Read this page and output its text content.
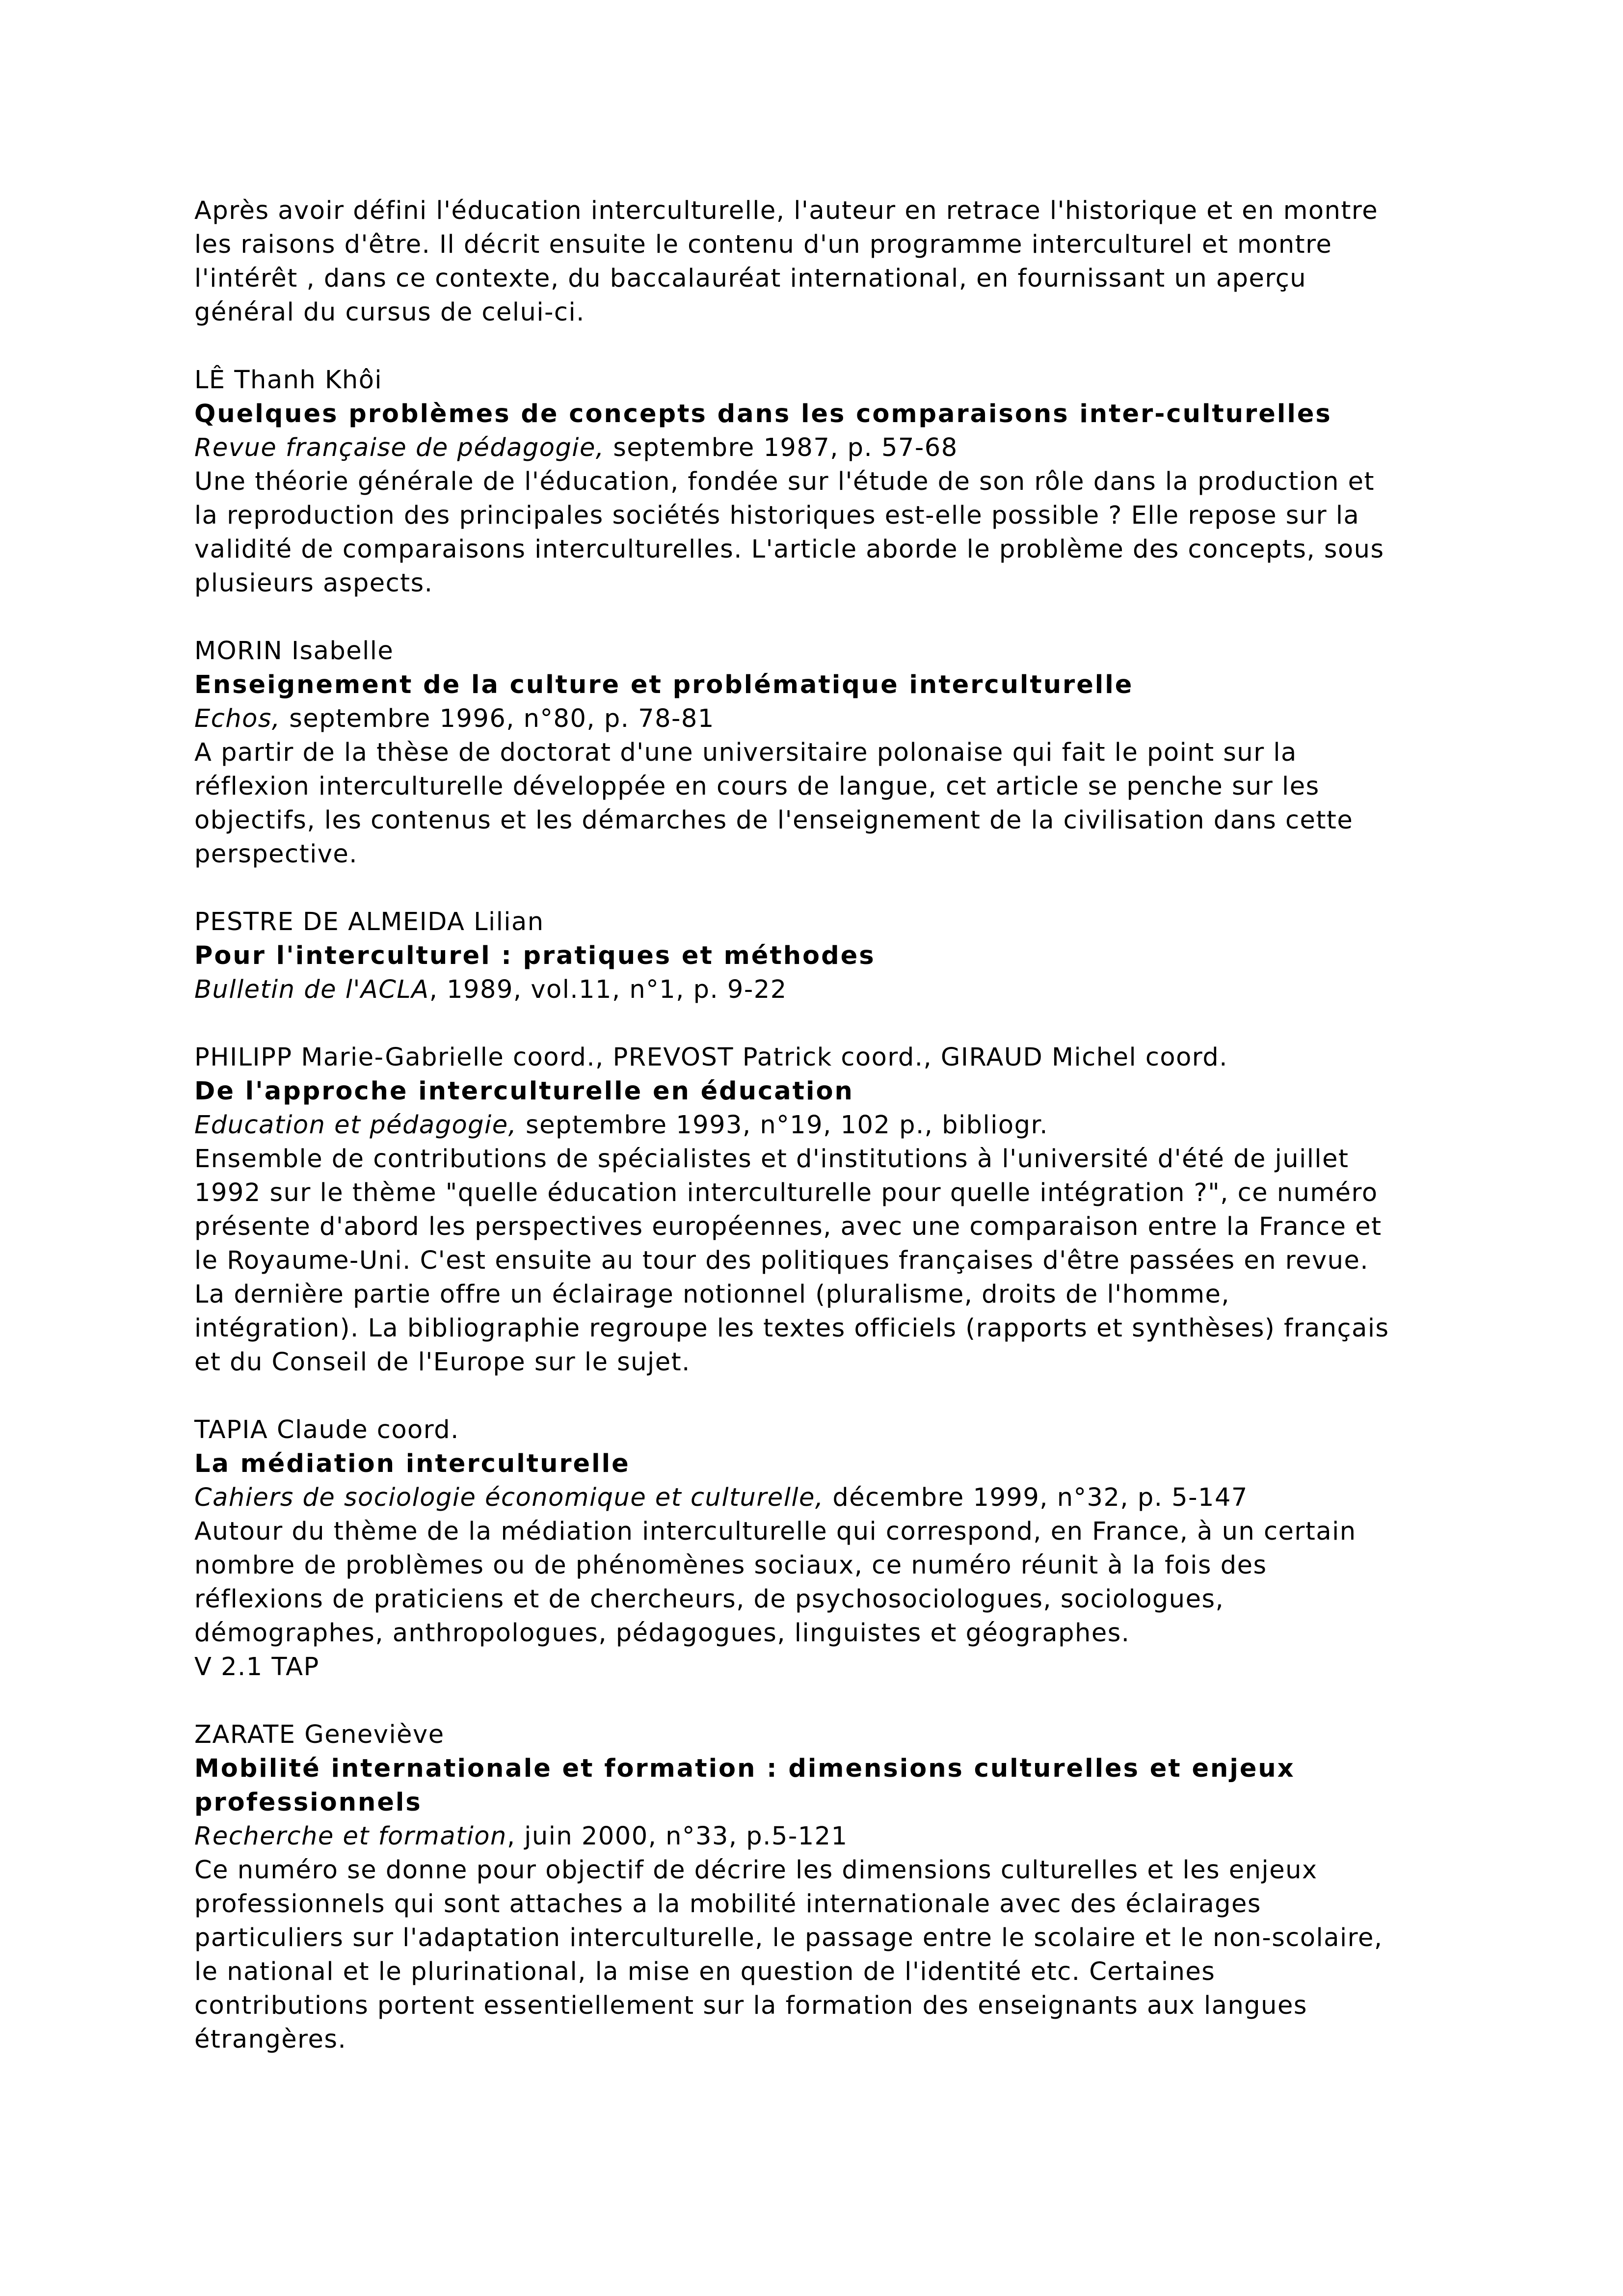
Après avoir défini l'éducation interculturelle, l'auteur en retrace l'historique et en montre
les raisons d'être. Il décrit ensuite le contenu d'un programme interculturel et montre
l'intérêt , dans ce contexte, du baccalauréat international, en fournissant un aperçu
général du cursus de celui-ci.
LÊ Thanh Khôi
Quelques problèmes de concepts dans les comparaisons inter-culturelles
Revue française de pédagogie, septembre 1987, p. 57-68
Une théorie générale de l'éducation, fondée sur l'étude de son rôle dans la production et
la reproduction des principales sociétés historiques est-elle possible ? Elle repose sur la
validité de comparaisons interculturelles. L'article aborde le problème des concepts, sous
plusieurs aspects.
MORIN Isabelle
Enseignement de la culture et problématique interculturelle
Echos, septembre 1996, n°80, p. 78-81
A partir de la thèse de doctorat d'une universitaire polonaise qui fait le point sur la
réflexion interculturelle développée en cours de langue, cet article se penche sur les
objectifs, les contenus et les démarches de l'enseignement de la civilisation dans cette
perspective.
PESTRE DE ALMEIDA Lilian
Pour l'interculturel : pratiques et méthodes
Bulletin de l'ACLA, 1989, vol.11, n°1, p. 9-22
PHILIPP Marie-Gabrielle coord., PREVOST Patrick coord., GIRAUD Michel coord.
De l'approche interculturelle en éducation
Education et pédagogie, septembre 1993, n°19, 102 p., bibliogr.
Ensemble de contributions de spécialistes et d'institutions à l'université d'été de juillet
1992 sur le thème "quelle éducation interculturelle pour quelle intégration ?", ce numéro
présente d'abord les perspectives européennes, avec une comparaison entre la France et
le Royaume-Uni. C'est ensuite au tour des politiques françaises d'être passées en revue.
La dernière partie offre un éclairage notionnel (pluralisme, droits de l'homme,
intégration). La bibliographie regroupe les textes officiels (rapports et synthèses) français
et du Conseil de l'Europe sur le sujet.
TAPIA Claude coord.
La médiation interculturelle
Cahiers de sociologie économique et culturelle, décembre 1999, n°32, p. 5-147
Autour du thème de la médiation interculturelle qui correspond, en France, à un certain
nombre de problèmes ou de phénomènes sociaux, ce numéro réunit à la fois des
réflexions de praticiens et de chercheurs, de psychosociologues, sociologues,
démographes, anthropologues, pédagogues, linguistes et géographes.
V 2.1 TAP
ZARATE Geneviève
Mobilité internationale et formation : dimensions culturelles et enjeux
professionnels
Recherche et formation, juin 2000, n°33, p.5-121
Ce numéro se donne pour objectif de décrire les dimensions culturelles et les enjeux
professionnels qui sont attaches a la mobilité internationale avec des éclairages
particuliers sur l'adaptation interculturelle, le passage entre le scolaire et le non-scolaire,
le national et le plurinational, la mise en question de l'identité etc. Certaines
contributions portent essentiellement sur la formation des enseignants aux langues
étrangères.
